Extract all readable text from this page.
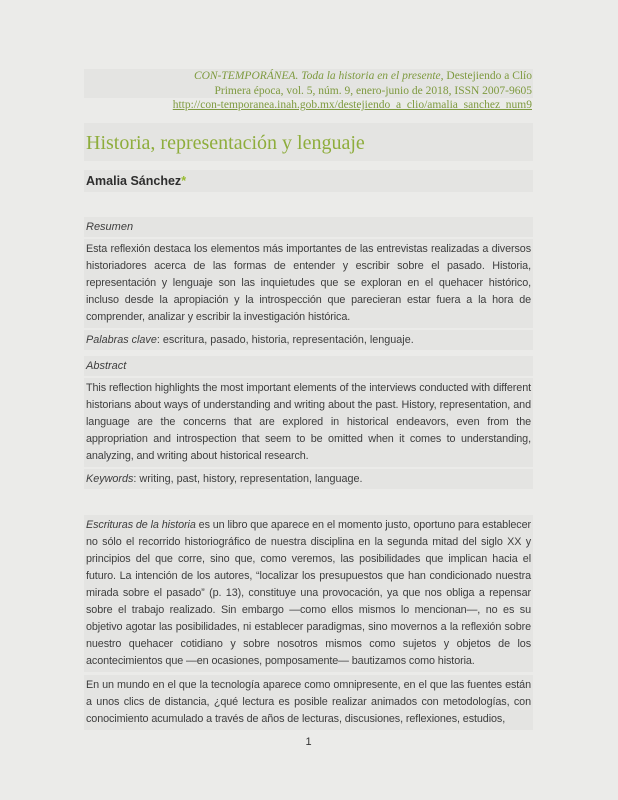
CON-TEMPORÁNEA. Toda la historia en el presente, Destejiendo a Clío
Primera época, vol. 5, núm. 9, enero-junio de 2018, ISSN 2007-9605
http://con-temporanea.inah.gob.mx/destejiendo_a_clio/amalia_sanchez_num9
Historia, representación y lenguaje
Amalia Sánchez*
Resumen
Esta reflexión destaca los elementos más importantes de las entrevistas realizadas a diversos historiadores acerca de las formas de entender y escribir sobre el pasado. Historia, representación y lenguaje son las inquietudes que se exploran en el quehacer histórico, incluso desde la apropiación y la introspección que parecieran estar fuera a la hora de comprender, analizar y escribir la investigación histórica.
Palabras clave: escritura, pasado, historia, representación, lenguaje.
Abstract
This reflection highlights the most important elements of the interviews conducted with different historians about ways of understanding and writing about the past. History, representation, and language are the concerns that are explored in historical endeavors, even from the appropriation and introspection that seem to be omitted when it comes to understanding, analyzing, and writing about historical research.
Keywords: writing, past, history, representation, language.
Escrituras de la historia es un libro que aparece en el momento justo, oportuno para establecer no sólo el recorrido historiográfico de nuestra disciplina en la segunda mitad del siglo XX y principios del que corre, sino que, como veremos, las posibilidades que implican hacia el futuro. La intención de los autores, “localizar los presupuestos que han condicionado nuestra mirada sobre el pasado” (p. 13), constituye una provocación, ya que nos obliga a repensar sobre el trabajo realizado. Sin embargo —como ellos mismos lo mencionan—, no es su objetivo agotar las posibilidades, ni establecer paradigmas, sino movernos a la reflexión sobre nuestro quehacer cotidiano y sobre nosotros mismos como sujetos y objetos de los acontecimientos que —en ocasiones, pomposamente— bautizamos como historia.
En un mundo en el que la tecnología aparece como omnipresente, en el que las fuentes están a unos clics de distancia, ¿qué lectura es posible realizar animados con metodologías, con conocimiento acumulado a través de años de lecturas, discusiones, reflexiones, estudios,
1
